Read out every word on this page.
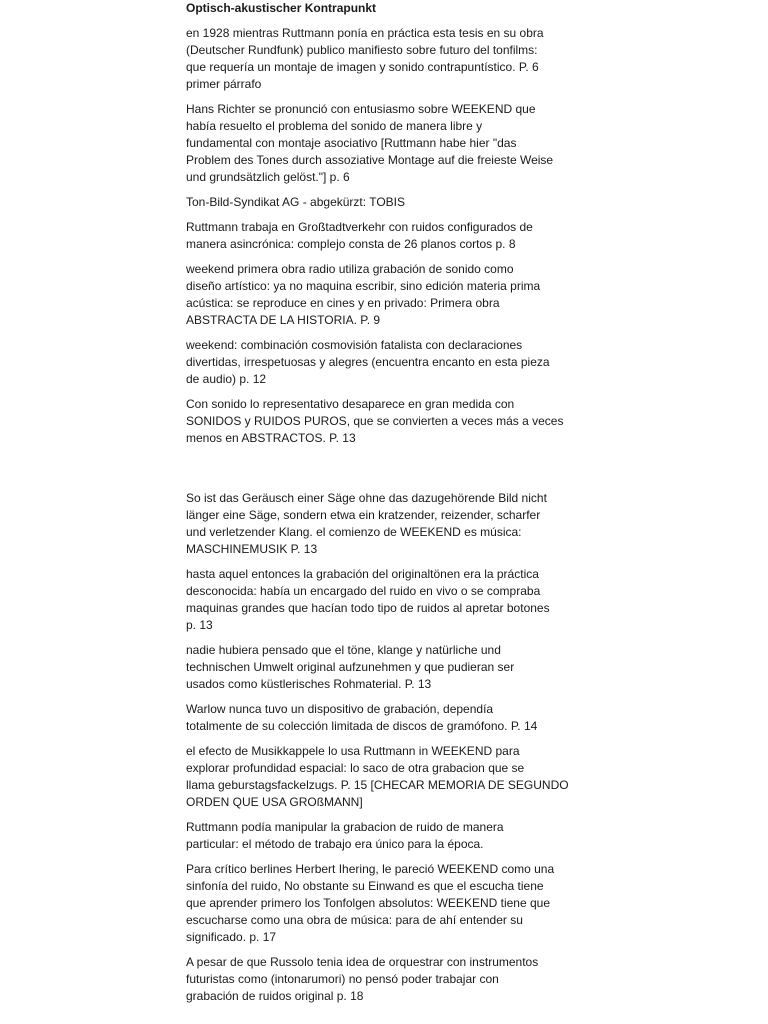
Optisch-akustischer Kontrapunkt
en 1928 mientras Ruttmann ponía en práctica esta tesis en su obra
(Deutscher Rundfunk) publico manifiesto sobre futuro del tonfilms:
que requería un montaje de imagen y sonido contrapuntístico. P. 6
primer párrafo
Hans Richter se pronunció con entusiasmo sobre WEEKEND que
había resuelto el problema del sonido de manera libre y
fundamental con montaje asociativo [Ruttmann habe hier "das
Problem des Tones durch assoziative Montage auf die freieste Weise
und grundsätzlich gelöst."] p. 6
Ton-Bild-Syndikat AG - abgekürzt: TOBIS
Ruttmann trabaja en Großtadtverkehr con ruidos configurados de
manera asincrónica: complejo consta de 26 planos cortos p. 8
weekend primera obra radio utiliza grabación de sonido como
diseño artístico: ya no maquina escribir, sino edición materia prima
acústica: se reproduce en cines y en privado: Primera obra
ABSTRACTA DE LA HISTORIA. P. 9
weekend: combinación cosmovisión fatalista con declaraciones
divertidas, irrespetuosas y alegres (encuentra encanto en esta pieza
de audio) p. 12
Con sonido lo representativo desaparece en gran medida con
SONIDOS y RUIDOS PUROS, que se convierten a veces más a veces
menos en ABSTRACTOS. P. 13
So ist das Geräusch einer Säge ohne das dazugehörende Bild nicht
länger eine Säge, sondern etwa ein kratzender, reizender, scharfer
und verletzender Klang. el comienzo de WEEKEND es música:
MASCHINEMUSIK P. 13
hasta aquel entonces la grabación del originaltönen era la práctica
desconocida: había un encargado del ruido en vivo o se compraba
maquinas grandes que hacían todo tipo de ruidos al apretar botones
p. 13
nadie hubiera pensado que el töne, klange y natürliche und
technischen Umwelt original aufzunehmen y que pudieran ser
usados como küstlerisches Rohmaterial. P. 13
Warlow nunca tuvo un dispositivo de grabación, dependía
totalmente de su colección limitada de discos de gramófono. P. 14
el efecto de Musikkappele lo usa Ruttmann in WEEKEND para
explorar profundidad espacial: lo saco de otra grabacion que se
llama geburstagsfackelzugs. P. 15 [CHECAR MEMORIA DE SEGUNDO
ORDEN QUE USA GROßMANN]
Ruttmann podía manipular la grabacion de ruido de manera
particular: el método de trabajo era único para la época.
Para crítico berlines Herbert Ihering, le pareció WEEKEND como una
sinfonía del ruido, No obstante su Einwand es que el escucha tiene
que aprender primero los Tonfolgen absolutos: WEEKEND tiene que
escucharse como una obra de música: para de ahí entender su
significado. p. 17
A pesar de que Russolo tenia idea de orquestrar con instrumentos
futuristas como (intonarumori) no pensó poder trabajar con
grabación de ruidos original p. 18
